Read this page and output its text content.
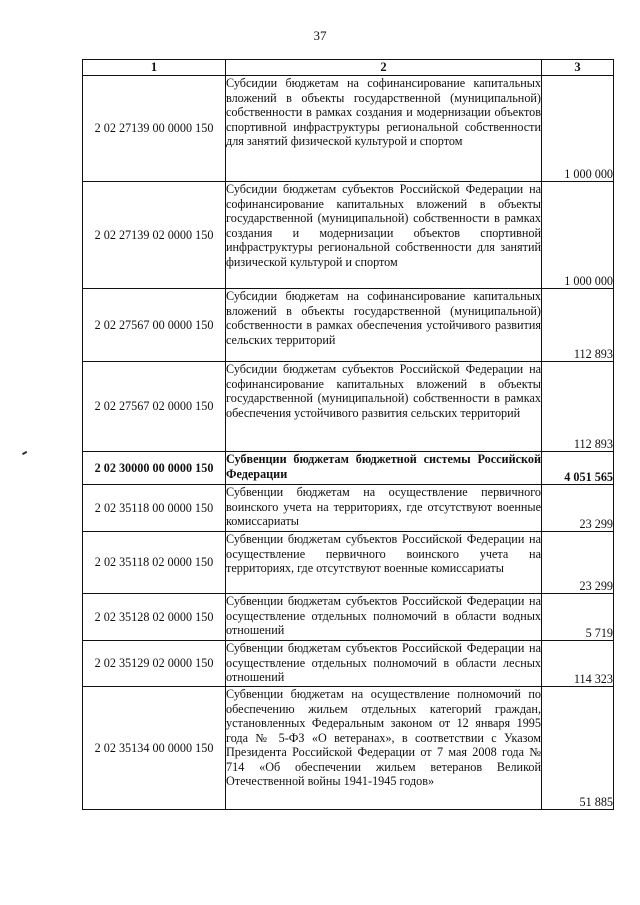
37
1	2	3
2 02 27139 00 0000 150	Субсидии бюджетам на софинансирование капитальных вложений в объекты государственной (муниципальной) собственности в рамках создания и модернизации объектов спортивной инфраструктуры региональной собственности для занятий физической культурой и спортом	1 000 000
2 02 27139 02 0000 150	Субсидии бюджетам субъектов Российской Федерации на софинансирование капитальных вложений в объекты государственной (муниципальной) собственности в рамках создания и модернизации объектов спортивной инфраструктуры региональной собственности для занятий физической культурой и спортом	1 000 000
2 02 27567 00 0000 150	Субсидии бюджетам на софинансирование капитальных вложений в объекты государственной (муниципальной) собственности в рамках обеспечения устойчивого развития сельских территорий	112 893
2 02 27567 02 0000 150	Субсидии бюджетам субъектов Российской Федерации на софинансирование капитальных вложений в объекты государственной (муниципальной) собственности в рамках обеспечения устойчивого развития сельских территорий	112 893
2 02 30000 00 0000 150	Субвенции бюджетам бюджетной системы Российской Федерации	4 051 565
2 02 35118 00 0000 150	Субвенции бюджетам на осуществление первичного воинского учета на территориях, где отсутствуют военные комиссариаты	23 299
2 02 35118 02 0000 150	Субвенции бюджетам субъектов Российской Федерации на осуществление первичного воинского учета на территориях, где отсутствуют военные комиссариаты	23 299
2 02 35128 02 0000 150	Субвенции бюджетам субъектов Российской Федерации на осуществление отдельных полномочий в области водных отношений	5 719
2 02 35129 02 0000 150	Субвенции бюджетам субъектов Российской Федерации на осуществление отдельных полномочий в области лесных отношений	114 323
2 02 35134 00 0000 150	Субвенции бюджетам на осуществление полномочий по обеспечению жильем отдельных категорий граждан, установленных Федеральным законом от 12 января 1995 года № 5-ФЗ «О ветеранах», в соответствии с Указом Президента Российской Федерации от 7 мая 2008 года № 714 «Об обеспечении жильем ветеранов Великой Отечественной войны 1941-1945 годов»	51 885
